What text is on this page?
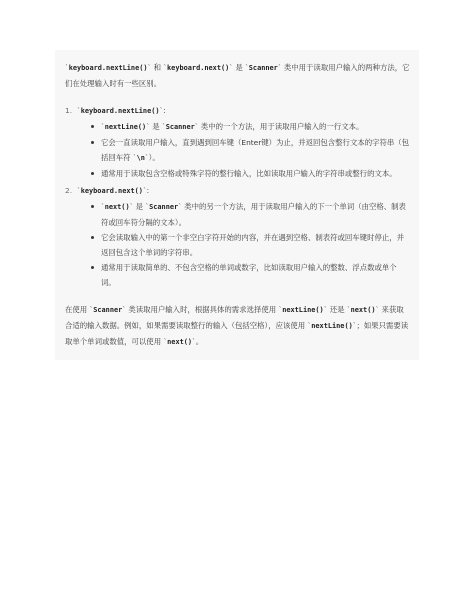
`keyboard.nextLine()` 和 `keyboard.next()` 是 `Scanner` 类中用于读取用户输入的两种方法，它们在处理输入时有一些区别。

1. `keyboard.nextLine()`:
`nextLine()` 是 `Scanner` 类中的一个方法，用于读取用户输入的一行文本。
它会一直读取用户输入，直到遇到回车键（Enter键）为止，并返回包含整行文本的字符串（包括回车符 `\n`）。
通常用于读取包含空格或特殊字符的整行输入，比如读取用户输入的字符串或整行的文本。
2. `keyboard.next()`:
`next()` 是 `Scanner` 类中的另一个方法，用于读取用户输入的下一个单词（由空格、制表符或回车符分隔的文本）。
它会读取输入中的第一个非空白字符开始的内容，并在遇到空格、制表符或回车键时停止，并返回包含这个单词的字符串。
通常用于读取简单的、不包含空格的单词或数字，比如读取用户输入的整数、浮点数或单个词。

在使用 `Scanner` 类读取用户输入时，根据具体的需求选择使用 `nextLine()` 还是 `next()` 来获取合适的输入数据。例如，如果需要读取整行的输入（包括空格），应该使用 `nextLine()`；如果只需要读取单个单词或数值，可以使用 `next()`。
